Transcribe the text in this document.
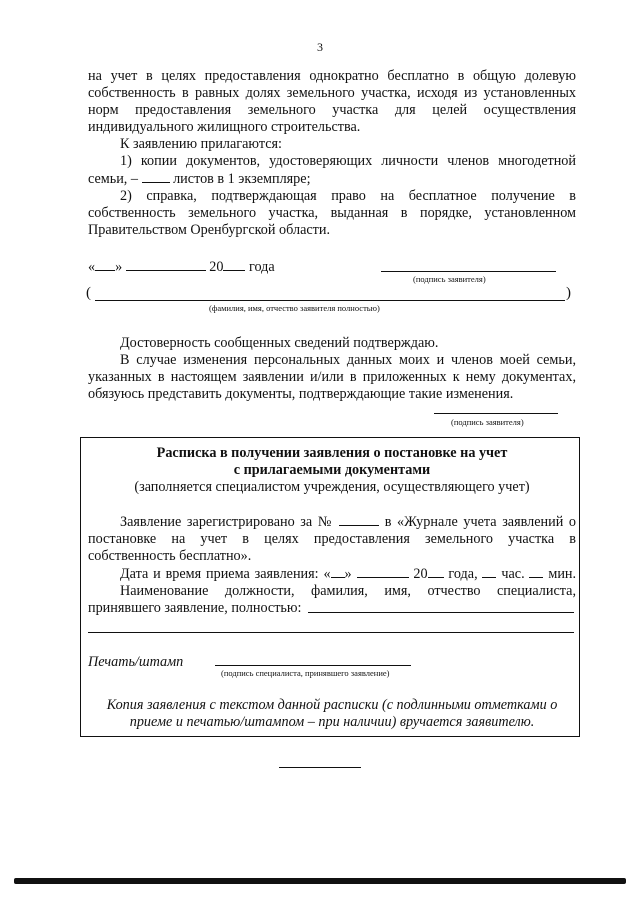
3
на учет в целях предоставления однократно бесплатно в общую долевую
собственность в равных долях земельного участка, исходя из установленных
норм предоставления земельного участка для целей осуществления
индивидуального жилищного строительства.
К заявлению прилагаются:
1) копии документов, удостоверяющих личности членов многодетной
семьи, – листов в 1 экземпляре;
2) справка, подтверждающая право на бесплатное получение в
собственность земельного участка, выданная в порядке, установленном
Правительством Оренбургской области.
« »	20 года
(подпись заявителя)
(	)
(фамилия, имя, отчество заявителя полностью)
Достоверность сообщенных сведений подтверждаю.
В случае изменения персональных данных моих и членов моей семьи,
указанных в настоящем заявлении и/или в приложенных к нему документах,
обязуюсь представить документы, подтверждающие такие изменения.
(подпись заявителя)
Расписка в получении заявления о постановке на учет
с прилагаемыми документами
(заполняется специалистом учреждения, осуществляющего учет)
Заявление зарегистрировано за №	в «Журнале учета заявлений о
постановке на учет в целях предоставления земельного участка в
собственность бесплатно».
Дата и время приема заявления: « »	20 года, час. мин.
Наименование должности, фамилия, имя, отчество специалиста,
принявшего заявление, полностью:
Печать/штамп
(подпись специалиста, принявшего заявление)
Копия заявления с текстом данной расписки (с подлинными отметками о
приеме и печатью/штампом – при наличии) вручается заявителю.
